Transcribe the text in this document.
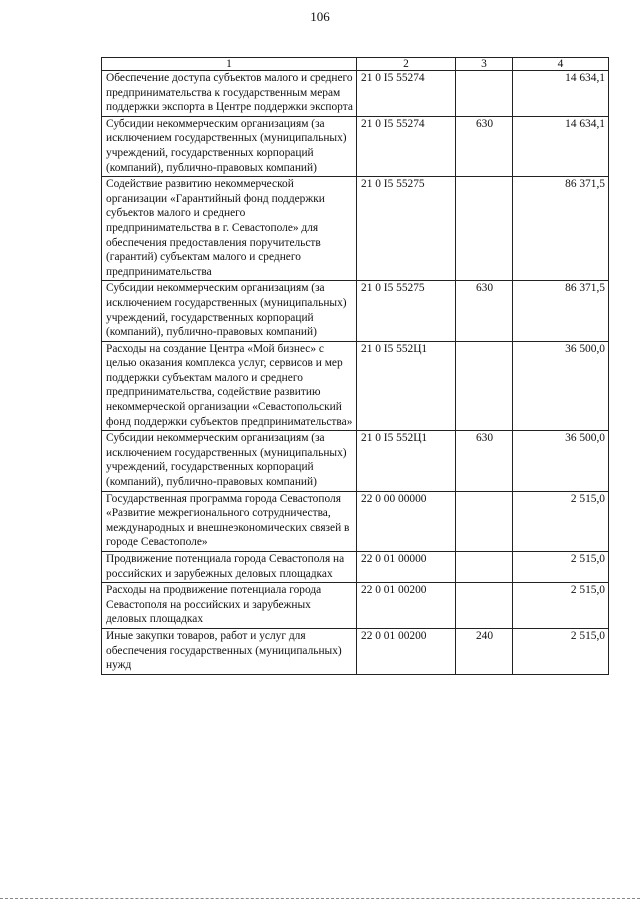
106
1	2	3	4
Обеспечение доступа субъектов малого и среднего предпринимательства к государственным мерам поддержки экспорта в Центре поддержки экспорта	21 0 I5 55274		14 634,1
Субсидии некоммерческим организациям (за исключением государственных (муниципальных) учреждений, государственных корпораций (компаний), публично-правовых компаний)	21 0 I5 55274	630	14 634,1
Содействие развитию некоммерческой организации «Гарантийный фонд поддержки субъектов малого и среднего предпринимательства в г. Севастополе» для обеспечения предоставления поручительств (гарантий) субъектам малого и среднего предпринимательства	21 0 I5 55275		86 371,5
Субсидии некоммерческим организациям (за исключением государственных (муниципальных) учреждений, государственных корпораций (компаний), публично-правовых компаний)	21 0 I5 55275	630	86 371,5
Расходы на создание Центра «Мой бизнес» с целью оказания комплекса услуг, сервисов и мер поддержки субъектам малого и среднего предпринимательства, содействие развитию некоммерческой организации «Севастопольский фонд поддержки субъектов предпринимательства»	21 0 I5 552Ц1		36 500,0
Субсидии некоммерческим организациям (за исключением государственных (муниципальных) учреждений, государственных корпораций (компаний), публично-правовых компаний)	21 0 I5 552Ц1	630	36 500,0
Государственная программа города Севастополя «Развитие межрегионального сотрудничества, международных и внешнеэкономических связей в городе Севастополе»	22 0 00 00000		2 515,0
Продвижение потенциала города Севастополя на российских и зарубежных деловых площадках	22 0 01 00000		2 515,0
Расходы на продвижение потенциала города Севастополя на российских и зарубежных деловых площадках	22 0 01 00200		2 515,0
Иные закупки товаров, работ и услуг для обеспечения государственных (муниципальных) нужд	22 0 01 00200	240	2 515,0
